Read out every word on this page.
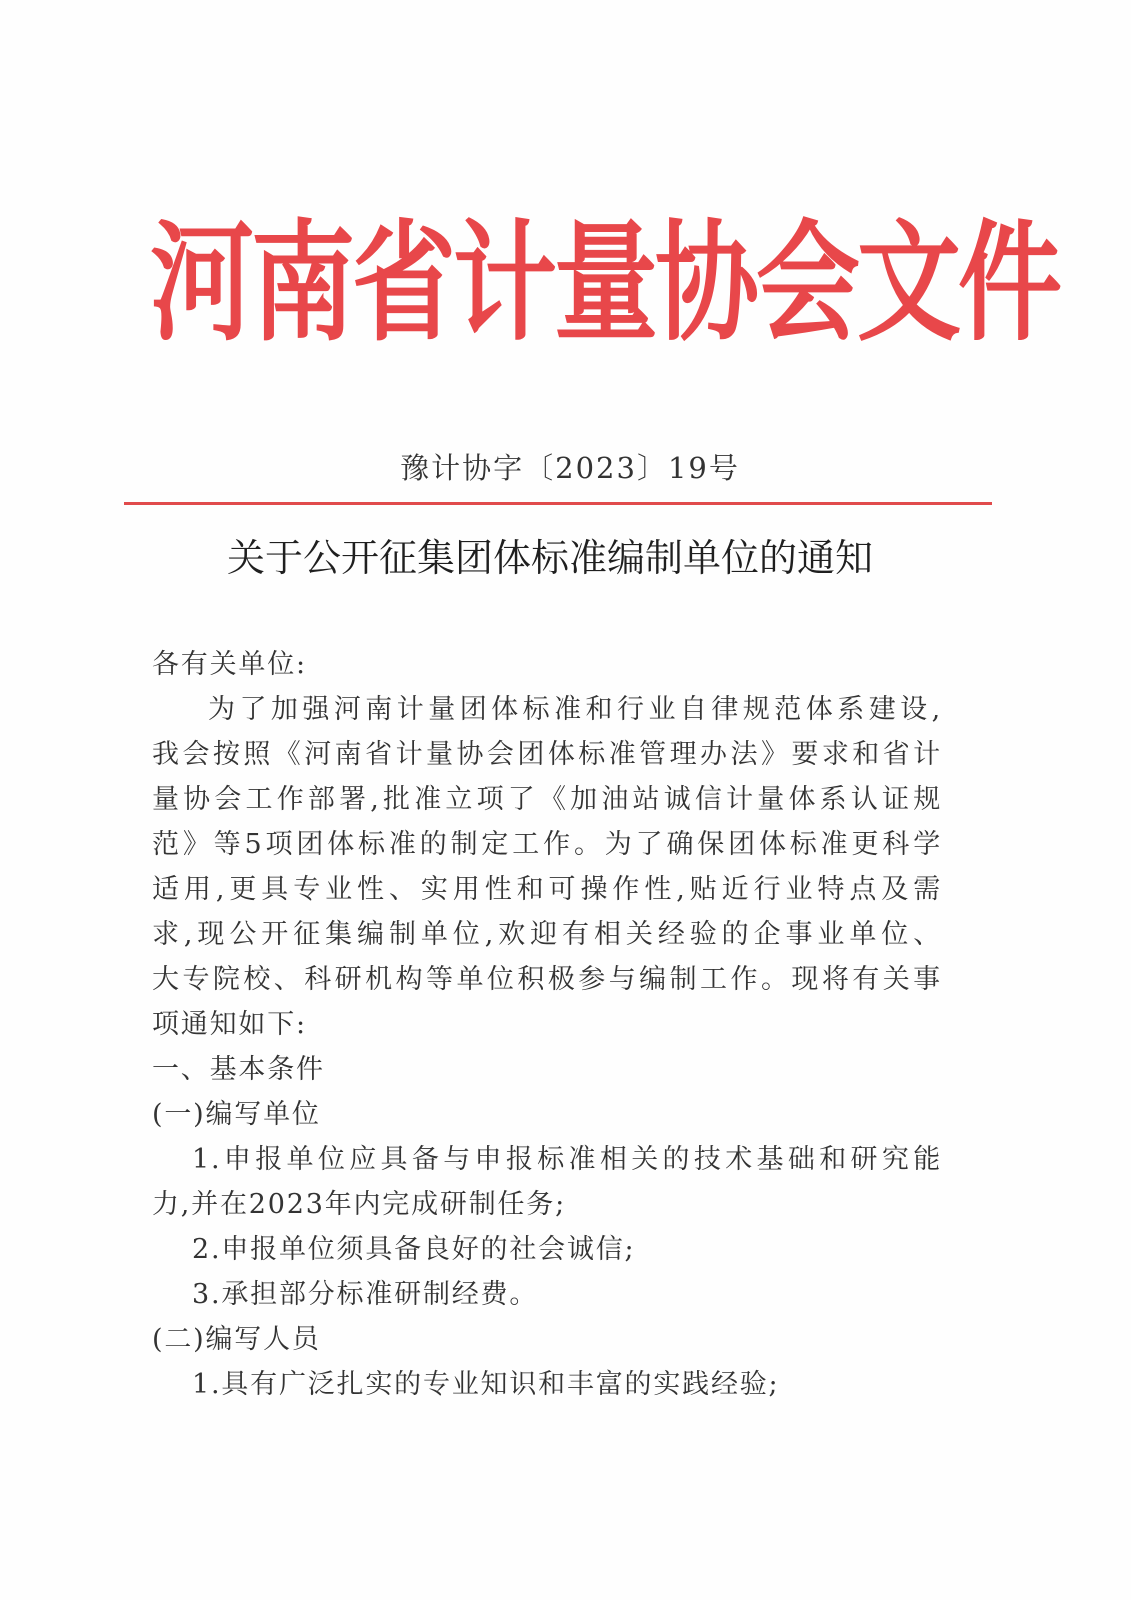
河南省计量协会文件
豫计协字〔2023〕19号
关于公开征集团体标准编制单位的通知
各有关单位:
为了加强河南计量团体标准和行业自律规范体系建设,
我会按照《河南省计量协会团体标准管理办法》要求和省计
量协会工作部署,批准立项了《加油站诚信计量体系认证规
范》等5项团体标准的制定工作。为了确保团体标准更科学
适用,更具专业性、实用性和可操作性,贴近行业特点及需
求,现公开征集编制单位,欢迎有相关经验的企事业单位、
大专院校、科研机构等单位积极参与编制工作。现将有关事
项通知如下:
一、基本条件
(一)编写单位
1.申报单位应具备与申报标准相关的技术基础和研究能
力,并在2023年内完成研制任务;
2.申报单位须具备良好的社会诚信;
3.承担部分标准研制经费。
(二)编写人员
1.具有广泛扎实的专业知识和丰富的实践经验;
